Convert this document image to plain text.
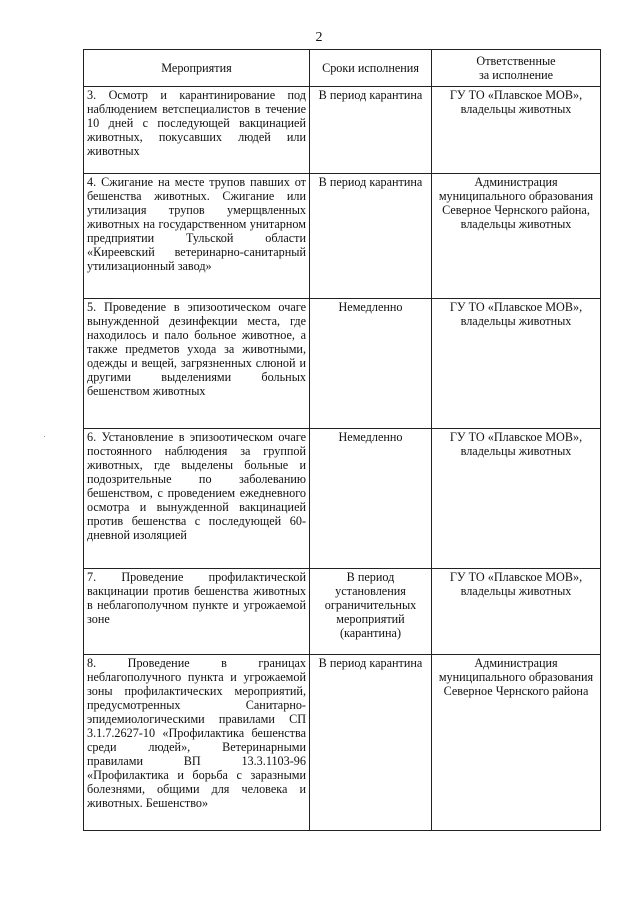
2
Мероприятия	Сроки исполнения	Ответственные
за исполнение
3. Осмотр и карантинирование под наблюдением ветспециалистов в течение 10 дней с последующей вакцинацией животных, покусавших людей или животных	В период карантина	ГУ ТО «Плавское МОВ», владельцы животных
4. Сжигание на месте трупов павших от бешенства животных. Сжигание или утилизация трупов умерщвленных животных на государственном унитарном предприятии Тульской области «Киреевский ветеринарно-санитарный утилизационный завод»	В период карантина	Администрация муниципального образования Северное Чернского района, владельцы животных
5. Проведение в эпизоотическом очаге вынужденной дезинфекции места, где находилось и пало больное животное, а также предметов ухода за животными, одежды и вещей, загрязненных слюной и другими выделениями больных бешенством животных	Немедленно	ГУ ТО «Плавское МОВ», владельцы животных
6. Установление в эпизоотическом очаге постоянного наблюдения за группой животных, где выделены больные и подозрительные по заболеванию бешенством, с проведением ежедневного осмотра и вынужденной вакцинацией против бешенства с последующей 60-дневной изоляцией	Немедленно	ГУ ТО «Плавское МОВ», владельцы животных
7. Проведение профилактической вакцинации против бешенства животных в неблагополучном пункте и угрожаемой зоне	В период установления ограничительных мероприятий (карантина)	ГУ ТО «Плавское МОВ», владельцы животных
8. Проведение в границах неблагополучного пункта и угрожаемой зоны профилактических мероприятий, предусмотренных Санитарно-эпидемиологическими правилами СП 3.1.7.2627-10 «Профилактика бешенства среди людей», Ветеринарными правилами ВП 13.3.1103-96 «Профилактика и борьба с заразными болезнями, общими для человека и животных. Бешенство»	В период карантина	Администрация муниципального образования Северное Чернского района
